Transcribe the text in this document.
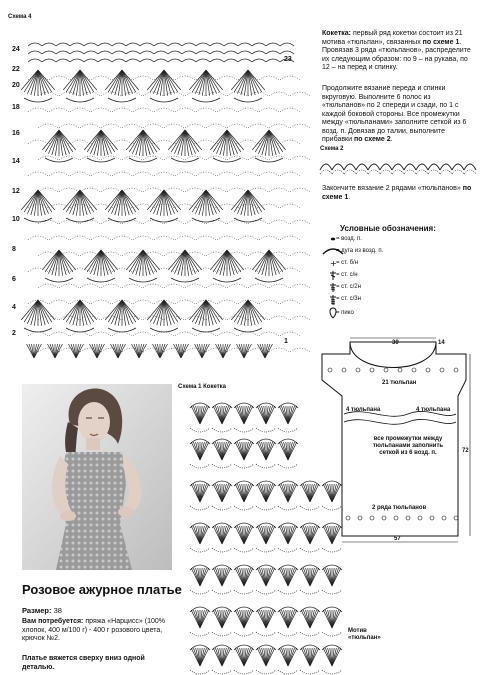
Схема 4
23
1
24
22
20
18
16
14
12
10
8
6
4
2
Кокетка: первый ряд кокетки состоит из 21 мотива «тюльпан», связанных по схеме 1. Провязав 3 ряда «тюльпанов», распределите их следующим образом: по 9 – на рукава, по 12 – на перед и спинку.
Продолжите вязание переда и спинки вкруговую. Выполните 6 полос из «тюльпанов» по 2 спереди и сзади, по 1 с каждой боковой стороны. Все промежутки между «тюльпанами» заполните сеткой из 6 возд. п. Довязав до талии, выполните прибавки по схеме 2.
Схема 2
Закончите вязание 2 рядами «тюльпанов» по схеме 1.
Условные обозначения:
+
= возд. п.
= дуга из возд. п.
= ст. б/н
= ст. с/н
= ст. с/2н
= ст. с/3н
= пико
30	14
21 тюльпан
4 тюльпана	4 тюльпана
все промежутки между тюльпанами заполнить сеткой из 6 возд. п.	72
2 ряда тюльпанов
57
Схема 1 Кокетка
Мотив «тюльпан»
Розовое ажурное платье
Размер: 38
Вам потребуется: пряжа «Нарцисс» (100% хлопок, 400 м/100 г) - 400 г розового цвета, крючок №2.
Платье вяжется сверху вниз одной деталью.
